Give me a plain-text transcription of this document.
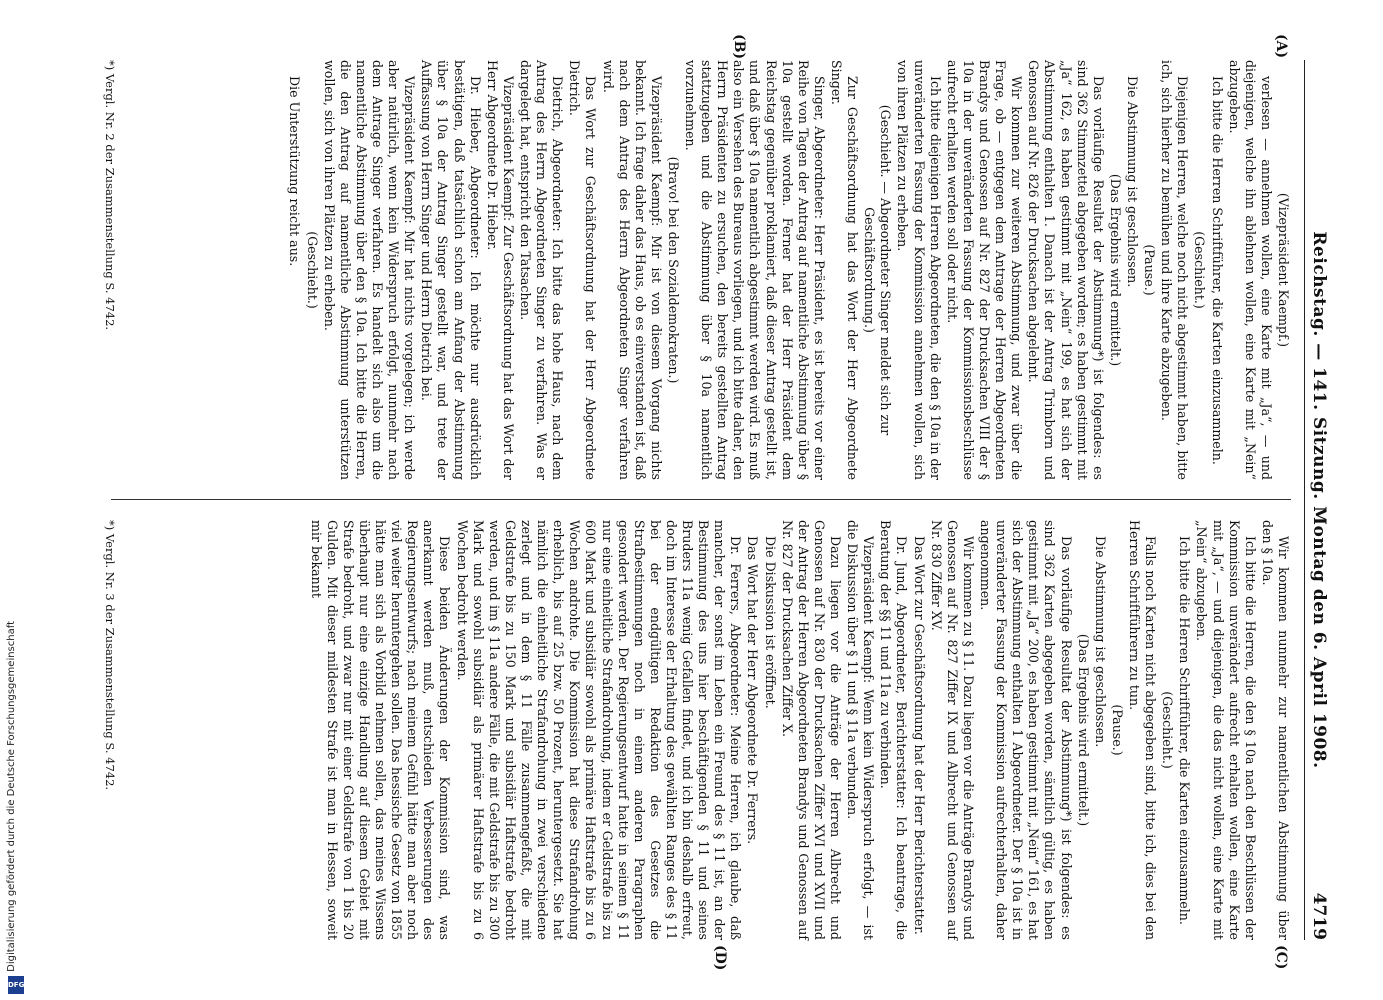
Reichstag. — 141. Sitzung. Montag den 6. April 1908.
4719
(A)
(B)
(C)
(D)

(Vizepräsident Kaempf.)

verlesen — annehmen wollen, eine Karte mit „Ja“, — und diejenigen, welche ihn ablehnen wollen, eine Karte mit „Nein“ abzugeben.

Ich bitte die Herren Schriftführer, die Karten einzusammeln.

(Geschieht.)

Diejenigen Herren, welche noch nicht abgestimmt haben, bitte ich, sich hierher zu bemühen und ihre Karte abzugeben.

(Pause.)

Die Abstimmung ist geschlossen.

(Das Ergebnis wird ermittelt.)

Das vorläufige Resultat der Abstimmung*) ist folgendes: es sind 362 Stimmzettel abgegeben worden; es haben gestimmt mit „Ja“ 162, es haben gestimmt mit „Nein“ 199, es hat sich der Abstimmung enthalten 1. Danach ist der Antrag Trimborn und Genossen auf Nr. 826 der Drucksachen abgelehnt.

Wir kommen zur weiteren Abstimmung, und zwar über die Frage, ob — entgegen dem Antrage der Herren Abgeordneten Brandys und Genossen auf Nr. 827 der Drucksachen VIII der § 10a in der unveränderten Fassung der Kommissionsbeschlüsse aufrecht erhalten werden soll oder nicht.

Ich bitte diejenigen Herren Abgeordneten, die den § 10a in der unveränderten Fassung der Kommission annehmen wollen, sich von ihren Plätzen zu erheben.

(Geschieht. — Abgeordneter Singer meldet sich zur Geschäftsordnung.)

Zur Geschäftsordnung hat das Wort der Herr Abgeordnete Singer.

Singer, Abgeordneter: Herr Präsident, es ist bereits vor einer Reihe von Tagen der Antrag auf namentliche Abstimmung über § 10a gestellt worden. Ferner hat der Herr Präsident dem Reichstag gegenüber proklamiert, daß dieser Antrag gestellt ist, und daß über § 10a namentlich abgestimmt werden wird. Es muß also ein Versehen des Bureaus vorliegen, und ich bitte daher, den Herrn Präsidenten zu ersuchen, den bereits gestellten Antrag stattzugeben und die Abstimmung über § 10a namentlich vorzunehmen.

(Bravo! bei den Sozialdemokraten.)

Vizepräsident Kaempf: Mir ist von diesem Vorgang nichts bekannt. Ich frage daher das Haus, ob es einverstanden ist, daß nach dem Antrag des Herrn Abgeordneten Singer verfahren wird.

Das Wort zur Geschäftsordnung hat der Herr Abgeordnete Dietrich.

Dietrich, Abgeordneter: Ich bitte das hohe Haus, nach dem Antrag des Herrn Abgeordneten Singer zu verfahren. Was er dargelegt hat, entspricht den Tatsachen.

Vizepräsident Kaempf: Zur Geschäftsordnung hat das Wort der Herr Abgeordnete Dr. Hieber.

Dr. Hieber, Abgeordneter: Ich möchte nur ausdrücklich bestätigen, daß tatsächlich schon am Anfang der Abstimmung über § 10a der Antrag Singer gestellt war, und trete der Auffassung von Herrn Singer und Herrn Dietrich bei.

Vizepräsident Kaempf: Mir hat nichts vorgelegen; ich werde aber natürlich, wenn kein Widerspruch erfolgt, nunmehr nach dem Antrage Singer verfahren. Es handelt sich also um die namentliche Abstimmung über den § 10a. Ich bitte die Herren, die den Antrag auf namentliche Abstimmung unterstützen wollen, sich von ihren Plätzen zu erheben.

(Geschieht.)

Die Unterstützung reicht aus.

Wir kommen nunmehr zur namentlichen Abstimmung über den § 10a.

Ich bitte die Herren, die den § 10a nach den Beschlüssen der Kommission unverändert aufrecht erhalten wollen, eine Karte mit „Ja“, — und diejenigen, die das nicht wollen, eine Karte mit „Nein“ abzugeben.

Ich bitte die Herren Schriftführer, die Karten einzusammeln.

(Geschieht.)

Falls noch Karten nicht abgegeben sind, bitte ich, dies bei den Herren Schriftführern zu tun.

(Pause.)

Die Abstimmung ist geschlossen.

(Das Ergebnis wird ermittelt.)

Das vorläufige Resultat der Abstimmung*) ist folgendes: es sind 362 Karten abgegeben worden, sämtlich gültig, es haben gestimmt mit „Ja“ 200, es haben gestimmt mit „Nein“ 161, es hat sich der Abstimmung enthalten 1 Abgeordneter. Der § 10a ist in unveränderter Fassung der Kommission aufrechterhalten, daher angenommen.

Wir kommen zu § 11. Dazu liegen vor die Anträge Brandys und Genossen auf Nr. 827 Ziffer IX und Albrecht und Genossen auf Nr. 830 Ziffer XV.

Das Wort zur Geschäftsordnung hat der Herr Berichterstatter.

Dr. Jund, Abgeordneter, Berichterstatter: Ich beantrage, die Beratung der §§ 11 und 11a zu verbinden.

Vizepräsident Kaempf: Wenn kein Widerspruch erfolgt, — ist die Diskussion über § 11 und § 11a verbunden.

Dazu liegen vor die Anträge der Herren Albrecht und Genossen auf Nr. 830 der Drucksachen Ziffer XVI und XVII und der Antrag der Herren Abgeordneten Brandys und Genossen auf Nr. 827 der Drucksachen Ziffer X.

Die Diskussion ist eröffnet.

Das Wort hat der Herr Abgeordnete Dr. Ferrers.

Dr. Ferrers, Abgeordneter: Meine Herren, ich glaube, daß mancher, der sonst im Leben ein Freund des § 11 ist, an der Bestimmung des uns hier beschäftigenden § 11 und seines Bruders 11a wenig Gefallen findet, und ich bin deshalb erfreut, doch im Interesse der Erhaltung des gewählten Ranges des § 11 bei der endgültigen Redaktion des Gesetzes die Strafbestimmungen noch in einem anderen Paragraphen gesondert werden. Der Regierungsentwurf hatte in seinem § 11 nur eine einheitliche Strafandrohung, indem er Geldstrafe bis zu 600 Mark und subsidiär sowohl als primäre Haftstrafe bis zu 6 Wochen androhte. Die Kommission hat diese Strafandrohung erheblich, bis auf 25 bzw. 50 Prozent, heruntergesetzt. Sie hat nämlich die einheitliche Strafandrohung in zwei verschiedene zerlegt und in dem § 11 Fälle zusammengefaßt, die mit Geldstrafe bis zu 150 Mark und subsidiär Haftstrafe bedroht werden, und im § 11a andere Fälle, die mit Geldstrafe bis zu 300 Mark und sowohl subsidiär als primärer Haftstrafe bis zu 6 Wochen bedroht werden.

Diese beiden Änderungen der Kommission sind, was anerkannt werden muß, entschieden Verbesserungen des Regierungsentwurfs; nach meinem Gefühl hätte man aber noch viel weiter heruntergehen sollen. Das hessische Gesetz von 1855 hätte man sich als Vorbild nehmen sollen, das meines Wissens überhaupt nur eine einzige Handlung auf diesem Gebiet mit Strafe bedroht, und zwar nur mit einer Geldstrafe von 1 bis 20 Gulden. Mit dieser mildesten Strafe ist man in Hessen, soweit mir bekannt

*) Vergl. Nr. 2 der Zusammenstellung S. 4742.
*) Vergl. Nr. 3 der Zusammenstellung S. 4742.
Digitalisierung gefördert durch die Deutsche Forschungsgemeinschaft
DFG
